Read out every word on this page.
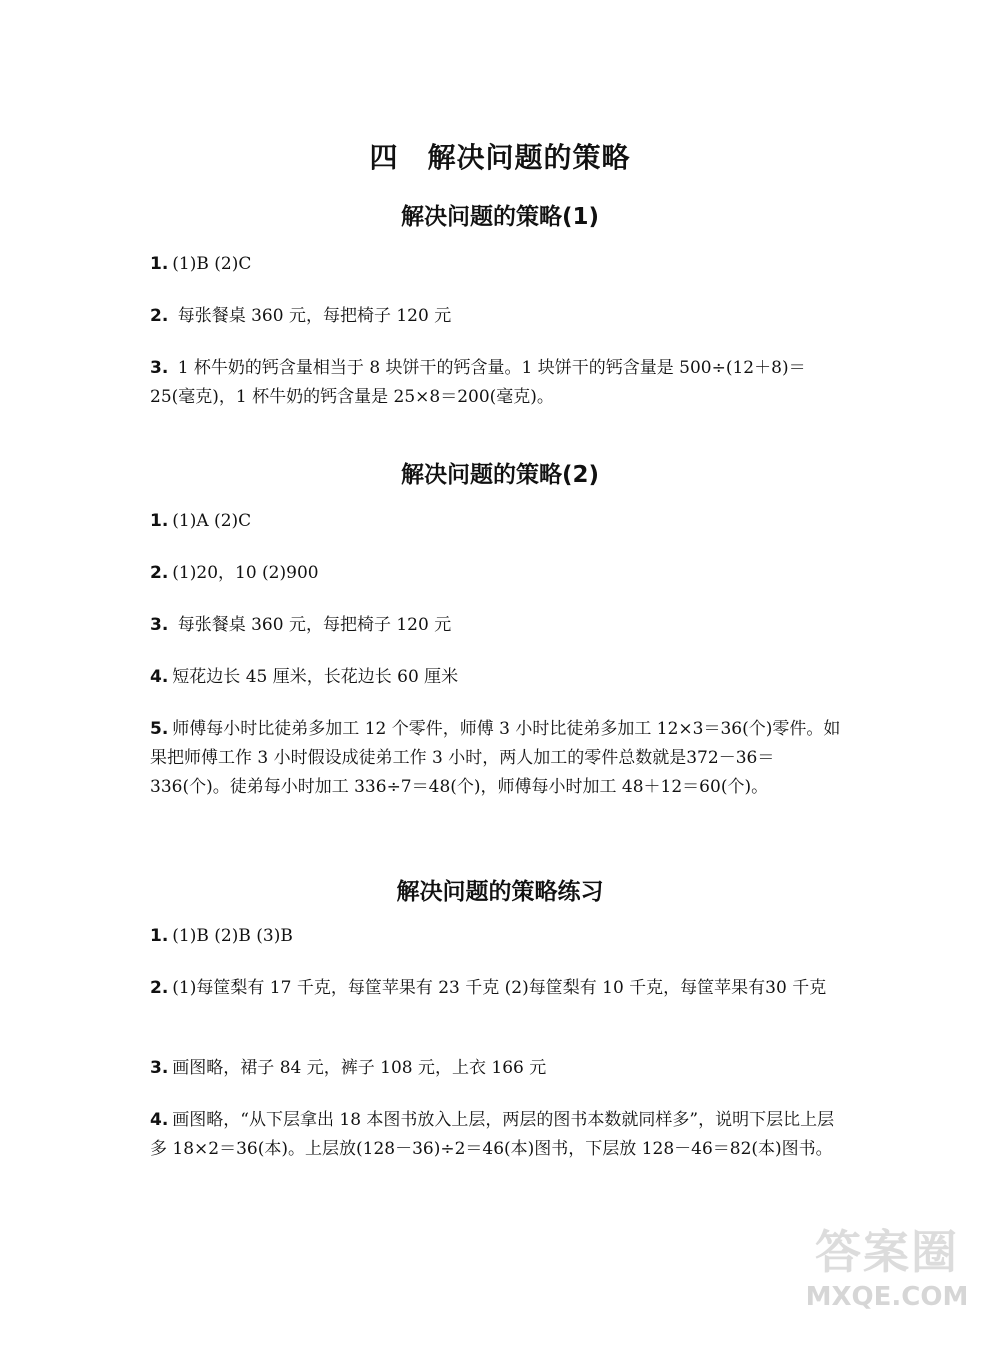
四　解决问题的策略
解决问题的策略(1)

1. (1)B (2)C

2. 每张餐桌 360 元，每把椅子 120 元

3. 1 杯牛奶的钙含量相当于 8 块饼干的钙含量。1 块饼干的钙含量是 500÷(12＋8)＝25(毫克)，1 杯牛奶的钙含量是 25×8＝200(毫克)。

解决问题的策略(2)

1. (1)A (2)C

2. (1)20，10 (2)900

3. 每张餐桌 360 元，每把椅子 120 元

4. 短花边长 45 厘米，长花边长 60 厘米

5. 师傅每小时比徒弟多加工 12 个零件，师傅 3 小时比徒弟多加工 12×3＝36(个)零件。如果把师傅工作 3 小时假设成徒弟工作 3 小时，两人加工的零件总数就是372－36＝336(个)。徒弟每小时加工 336÷7＝48(个)，师傅每小时加工 48＋12＝60(个)。

解决问题的策略练习

1. (1)B (2)B (3)B

2. (1)每筐梨有 17 千克，每筐苹果有 23 千克 (2)每筐梨有 10 千克，每筐苹果有30 千克

3. 画图略，裙子 84 元，裤子 108 元，上衣 166 元

4. 画图略，“从下层拿出 18 本图书放入上层，两层的图书本数就同样多”，说明下层比上层多 18×2＝36(本)。上层放(128－36)÷2＝46(本)图书，下层放 128－46＝82(本)图书。

答案圈
MXQE.COM
